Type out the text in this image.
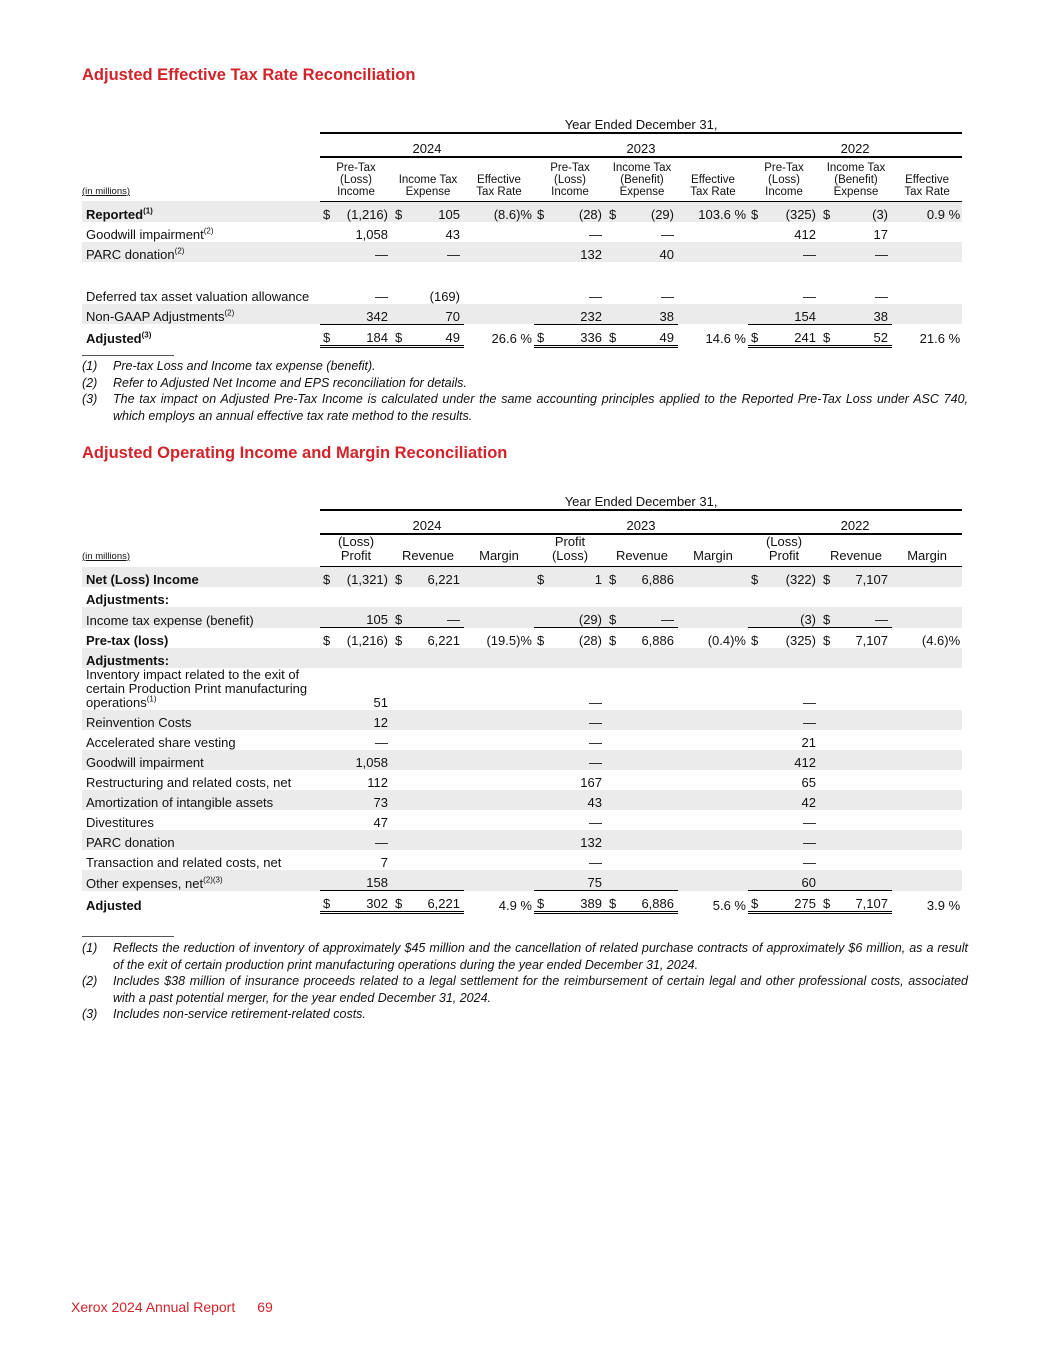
Adjusted Effective Tax Rate Reconciliation
	Year Ended December 31,														
	2024					2023					2022				
(in millions)	Pre-Tax (Loss) Income		Income Tax Expense		Effective Tax Rate	Pre-Tax (Loss) Income		Income Tax (Benefit) Expense		Effective Tax Rate	Pre-Tax (Loss) Income		Income Tax (Benefit) Expense		Effective Tax Rate
Reported$^{(1)}$	$	(1,216)	$	105	(8.6)%	$	(28)	$	(29)	103.6 %	$	(325)	$	(3)	0.9 %
Goodwill impairment$^{(2)}$		1,058		43			—		—			412		17	
PARC donation$^{(2)}$		—		—			132		40			—		—	
Deferred tax asset valuation allowance		—		(169)			—		—			—		—	
Non-GAAP Adjustments$^{(2)}$		342		70			232		38			154		38	
Adjusted$^{(3)}$	$	184	$	49	26.6 %	$	336	$	49	14.6 %	$	241	$	52	21.6 %
(1) Pre-tax Loss and Income tax expense (benefit).
(2) Refer to Adjusted Net Income and EPS reconciliation for details.
(3) The tax impact on Adjusted Pre-Tax Income is calculated under the same accounting principles applied to the Reported Pre-Tax Loss under ASC 740, which employs an annual effective tax rate method to the results.
Adjusted Operating Income and Margin Reconciliation
	Year Ended December 31,														
	2024					2023					2022				
(in millions)	(Loss) Profit		Revenue		Margin	Profit (Loss)		Revenue		Margin	(Loss) Profit		Revenue		Margin
Net (Loss) Income	$	(1,321)	$	6,221		$	1	$	6,886		$	(322)	$	7,107	
Adjustments:															
Income tax expense (benefit)		105	$	—			(29)	$	—			(3)	$	—	
Pre-tax (loss)	$	(1,216)	$	6,221	(19.5)%	$	(28)	$	6,886	(0.4)%	$	(325)	$	7,107	(4.6)%
Adjustments:															
Inventory impact related to the exit of certain Production Print manufacturing operations$^{(1)}$		51					—					—			
Reinvention Costs		12					—					—			
Accelerated share vesting		—					—					21			
Goodwill impairment		1,058					—					412			
Restructuring and related costs, net		112					167					65			
Amortization of intangible assets		73					43					42			
Divestitures		47					—					—			
PARC donation		—					132					—			
Transaction and related costs, net		7					—					—			
Other expenses, net$^{(2)(3)}$		158					75					60			
Adjusted	$	302	$	6,221	4.9 %	$	389	$	6,886	5.6 %	$	275	$	7,107	3.9 %
(1) Reflects the reduction of inventory of approximately $45 million and the cancellation of related purchase contracts of approximately $6 million, as a result of the exit of certain production print manufacturing operations during the year ended December 31, 2024.
(2) Includes $38 million of insurance proceeds related to a legal settlement for the reimbursement of certain legal and other professional costs, associated with a past potential merger, for the year ended December 31, 2024.
(3) Includes non-service retirement-related costs.
Xerox 2024 Annual Report 69
